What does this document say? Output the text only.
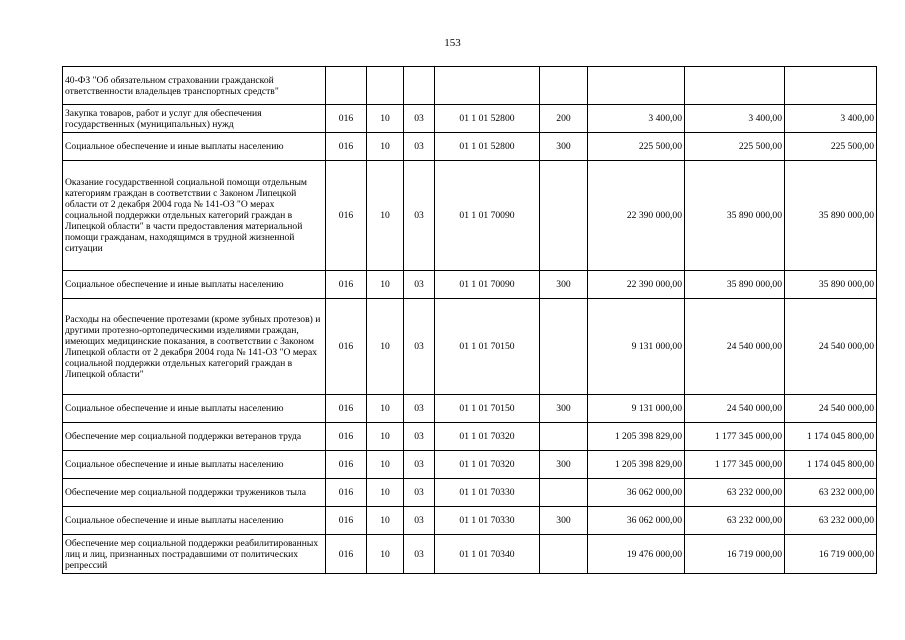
153
40-ФЗ "Об обязательном страховании гражданской ответственности владельцев транспортных средств"								
Закупка товаров, работ и услуг для обеспечения государственных (муниципальных) нужд	016	10	03	01 1 01 52800	200	3 400,00	3 400,00	3 400,00
Социальное обеспечение и иные выплаты населению	016	10	03	01 1 01 52800	300	225 500,00	225 500,00	225 500,00
Оказание государственной социальной помощи отдельным категориям граждан в соответствии с Законом Липецкой области от 2 декабря 2004 года № 141-ОЗ "О мерах социальной поддержки отдельных категорий граждан в Липецкой области" в части предоставления материальной помощи гражданам, находящимся в трудной жизненной ситуации	016	10	03	01 1 01 70090		22 390 000,00	35 890 000,00	35 890 000,00
Социальное обеспечение и иные выплаты населению	016	10	03	01 1 01 70090	300	22 390 000,00	35 890 000,00	35 890 000,00
Расходы на обеспечение протезами (кроме зубных протезов) и другими протезно-ортопедическими изделиями граждан, имеющих медицинские показания, в соответствии с Законом Липецкой области от 2 декабря 2004 года № 141-ОЗ "О мерах социальной поддержки отдельных категорий граждан в Липецкой области"	016	10	03	01 1 01 70150		9 131 000,00	24 540 000,00	24 540 000,00
Социальное обеспечение и иные выплаты населению	016	10	03	01 1 01 70150	300	9 131 000,00	24 540 000,00	24 540 000,00
Обеспечение мер социальной поддержки ветеранов труда	016	10	03	01 1 01 70320		1 205 398 829,00	1 177 345 000,00	1 174 045 800,00
Социальное обеспечение и иные выплаты населению	016	10	03	01 1 01 70320	300	1 205 398 829,00	1 177 345 000,00	1 174 045 800,00
Обеспечение мер социальной поддержки тружеников тыла	016	10	03	01 1 01 70330		36 062 000,00	63 232 000,00	63 232 000,00
Социальное обеспечение и иные выплаты населению	016	10	03	01 1 01 70330	300	36 062 000,00	63 232 000,00	63 232 000,00
Обеспечение мер социальной поддержки реабилитированных лиц и лиц, признанных пострадавшими от политических репрессий	016	10	03	01 1 01 70340		19 476 000,00	16 719 000,00	16 719 000,00
